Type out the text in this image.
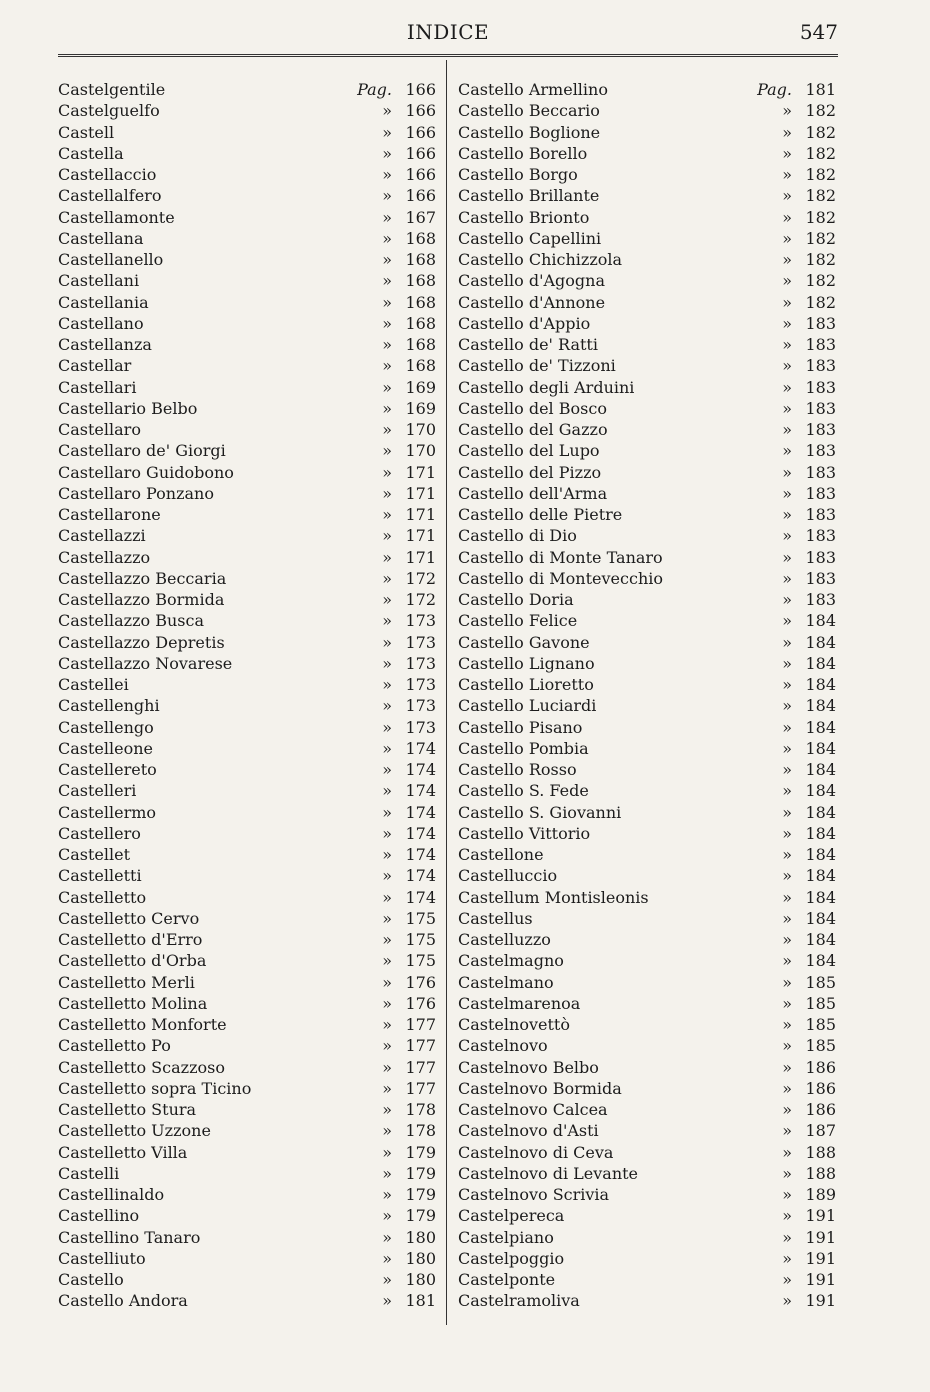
INDICE	547
Castelgentile	Pag. 166
Castelguelfo	» 166
Castell	» 166
Castella	» 166
Castellaccio	» 166
Castellalfero	» 166
Castellamonte	» 167
Castellana	» 168
Castellanello	» 168
Castellani	» 168
Castellania	» 168
Castellano	» 168
Castellanza	» 168
Castellar	» 168
Castellari	» 169
Castellario Belbo	» 169
Castellaro	» 170
Castellaro de' Giorgi	» 170
Castellaro Guidobono	» 171
Castellaro Ponzano	» 171
Castellarone	» 171
Castellazzi	» 171
Castellazzo	» 171
Castellazzo Beccaria	» 172
Castellazzo Bormida	» 172
Castellazzo Busca	» 173
Castellazzo Depretis	» 173
Castellazzo Novarese	» 173
Castellei	» 173
Castellenghi	» 173
Castellengo	» 173
Castelleone	» 174
Castellereto	» 174
Castelleri	» 174
Castellermo	» 174
Castellero	» 174
Castellet	» 174
Castelletti	» 174
Castelletto	» 174
Castelletto Cervo	» 175
Castelletto d'Erro	» 175
Castelletto d'Orba	» 175
Castelletto Merli	» 176
Castelletto Molina	» 176
Castelletto Monforte	» 177
Castelletto Po	» 177
Castelletto Scazzoso	» 177
Castelletto sopra Ticino	» 177
Castelletto Stura	» 178
Castelletto Uzzone	» 178
Castelletto Villa	» 179
Castelli	» 179
Castellinaldo	» 179
Castellino	» 179
Castellino Tanaro	» 180
Castelliuto	» 180
Castello	» 180
Castello Andora	» 181
Castello Armellino	Pag. 181
Castello Beccario	» 182
Castello Boglione	» 182
Castello Borello	» 182
Castello Borgo	» 182
Castello Brillante	» 182
Castello Brionto	» 182
Castello Capellini	» 182
Castello Chichizzola	» 182
Castello d'Agogna	» 182
Castello d'Annone	» 182
Castello d'Appio	» 183
Castello de' Ratti	» 183
Castello de' Tizzoni	» 183
Castello degli Arduini	» 183
Castello del Bosco	» 183
Castello del Gazzo	» 183
Castello del Lupo	» 183
Castello del Pizzo	» 183
Castello dell'Arma	» 183
Castello delle Pietre	» 183
Castello di Dio	» 183
Castello di Monte Tanaro	» 183
Castello di Montevecchio	» 183
Castello Doria	» 183
Castello Felice	» 184
Castello Gavone	» 184
Castello Lignano	» 184
Castello Lioretto	» 184
Castello Luciardi	» 184
Castello Pisano	» 184
Castello Pombia	» 184
Castello Rosso	» 184
Castello S. Fede	» 184
Castello S. Giovanni	» 184
Castello Vittorio	» 184
Castellone	» 184
Castelluccio	» 184
Castellum Montisleonis	» 184
Castellus	» 184
Castelluzzo	» 184
Castelmagno	» 184
Castelmano	» 185
Castelmarenoa	» 185
Castelnovettò	» 185
Castelnovo	» 185
Castelnovo Belbo	» 186
Castelnovo Bormida	» 186
Castelnovo Calcea	» 186
Castelnovo d'Asti	» 187
Castelnovo di Ceva	» 188
Castelnovo di Levante	» 188
Castelnovo Scrivia	» 189
Castelpereca	» 191
Castelpiano	» 191
Castelpoggio	» 191
Castelponte	» 191
Castelramoliva	» 191
